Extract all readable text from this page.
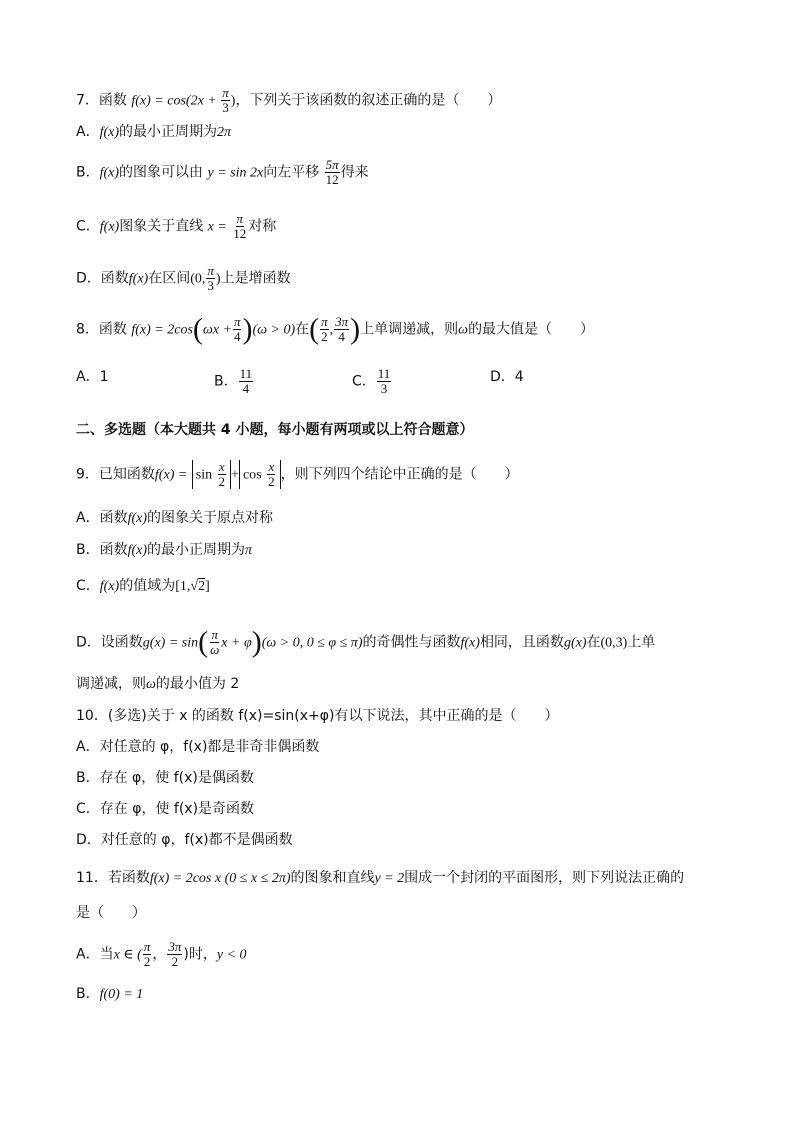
7．函数 $f(x) = \cos(2x + \frac{\pi}{3}$ )，下列关于该函数的叙述正确的是（　　）
A．f(x)的最小正周期为2π
B．f(x)的图象可以由 y = sin 2x向左平移 $\frac{5\pi}{12}$ 得来
C．f(x)图象关于直线 $x = \frac{\pi}{12}$ 对称
D．函数f(x)在区间(0, $\frac{\pi}{3}$ )上是增函数
8．函数 $f(x) = 2\cos(\omega x + \frac{\pi}{4} )(\omega > 0)$在( $\frac{\pi}{2}$ , $\frac{3\pi}{4}$ )上单调递减，则ω的最大值是（　　）
A．1	B． $\frac{11}{4}$	C． $\frac{11}{3}$	D．4
二、多选题（本大题共 4 小题，每小题有两项或以上符合题意）
9．已知函数$f(x) = \sin \frac{x}{2} + \cos \frac{x}{2}$ ，则下列四个结论中正确的是（　　）
A．函数f(x)的图象关于原点对称
B．函数f(x)的最小正周期为π
C．f(x)的值域为[1,√2]
D．设函数$g(x) = \sin( \frac{\pi}{\omega}$ x + φ)(ω > 0, 0 ≤ φ ≤ π)的奇偶性与函数f(x)相同，且函数g(x)在(0,3)上单
调递减，则ω的最小值为 2
10．(多选)关于 x 的函数 f(x)=sin(x+φ)有以下说法，其中正确的是（　　）
A．对任意的 φ，f(x)都是非奇非偶函数
B．存在 φ，使 f(x)是偶函数
C．存在 φ，使 f(x)是奇函数
D．对任意的 φ，f(x)都不是偶函数
11．若函数f(x) = 2cos x (0 ≤ x ≤ 2π)的图象和直线y = 2围成一个封闭的平面图形，则下列说法正确的
是（　　）
A．当x ∈ ( $\frac{\pi}{2}$ ， $\frac{3\pi}{2}$ )时，y < 0
B．f(0) = 1
